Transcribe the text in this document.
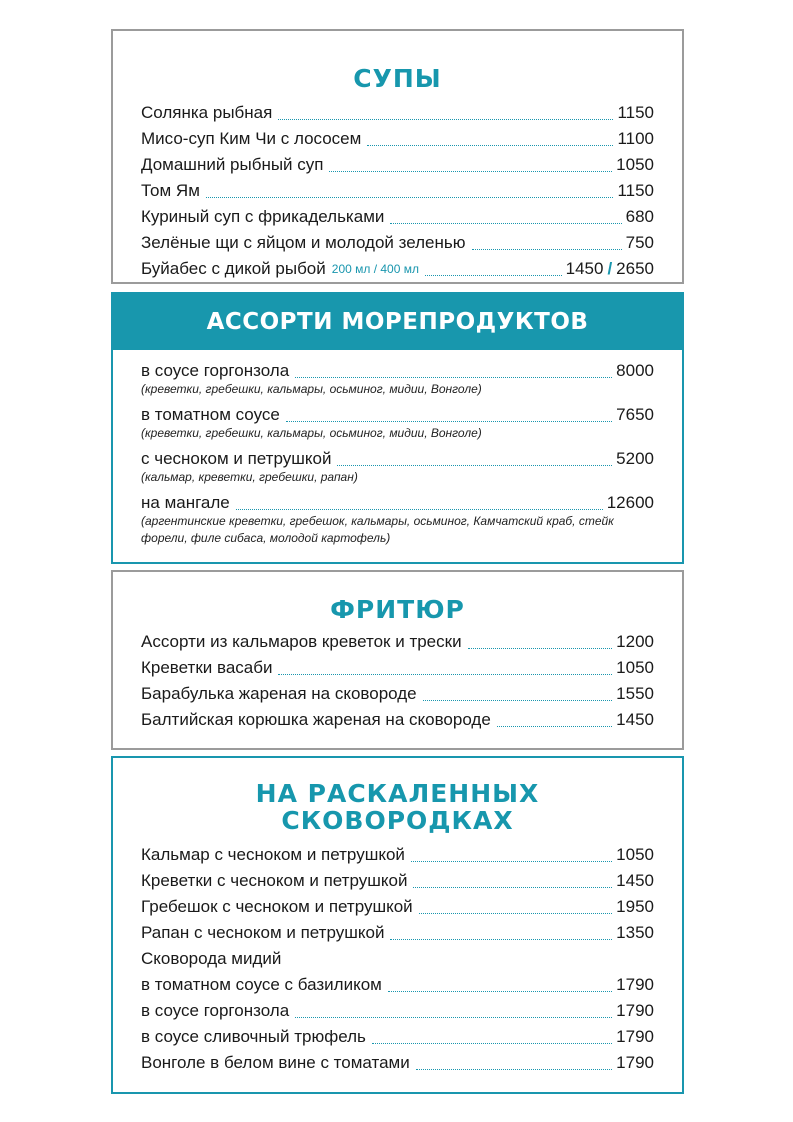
СУПЫ
Солянка рыбная	1150
Мисо-суп Ким Чи с лососем	1100
Домашний рыбный суп	1050
Том Ям	1150
Куриный суп с фрикадельками	680
Зелёные щи с яйцом и молодой зеленью	750
Буйабес с дикой рыбой 200 мл / 400 мл	1450 / 2650
АССОРТИ МОРЕПРОДУКТОВ
в соусе горгонзола	8000
(креветки, гребешки, кальмары, осьминог, мидии, Вонголе)
в томатном соусе	7650
(креветки, гребешки, кальмары, осьминог, мидии, Вонголе)
с чесноком и петрушкой	5200
(кальмар, креветки, гребешки, рапан)
на мангале	12600
(аргентинские креветки, гребешок, кальмары, осьминог, Камчатский краб, стейк форели, филе сибаса, молодой картофель)
ФРИТЮР
Ассорти из кальмаров креветок и трески	1200
Креветки васаби	1050
Барабулька жареная на сковороде	1550
Балтийская корюшка жареная на сковороде	1450
НА РАСКАЛЕННЫХ
СКОВОРОДКАХ
Кальмар с чесноком и петрушкой	1050
Креветки с чесноком и петрушкой	1450
Гребешок с чесноком и петрушкой	1950
Рапан с чесноком и петрушкой	1350
Сковорода мидий
в томатном соусе с базиликом	1790
в соусе горгонзола	1790
в соусе сливочный трюфель	1790
Вонголе в белом вине с томатами	1790
